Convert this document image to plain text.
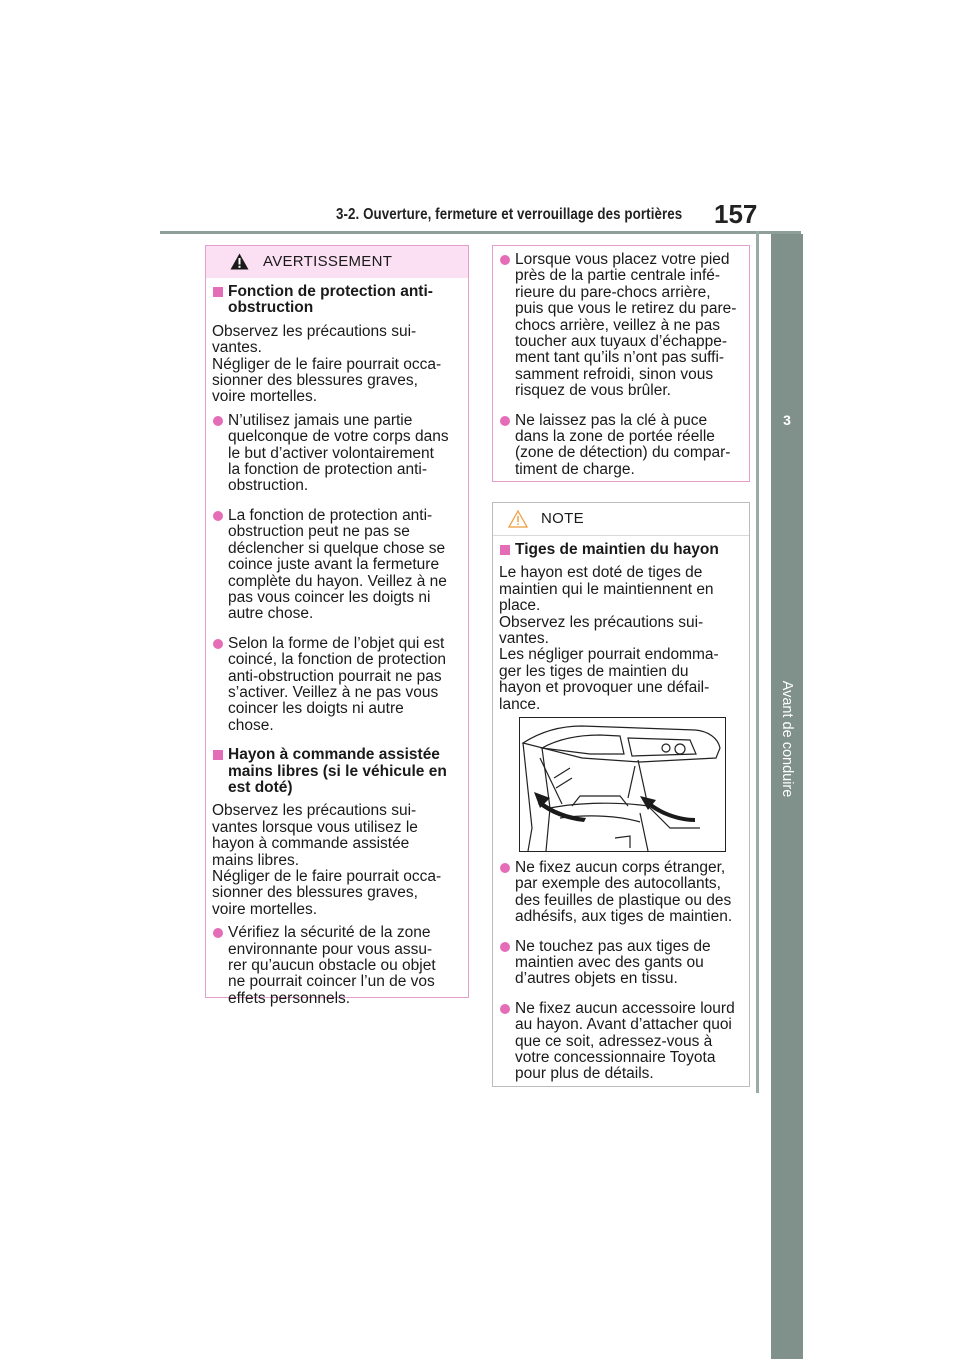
3-2. Ouverture, fermeture et verrouillage des portières 157
3
Avant de conduire
AVERTISSEMENT

Fonction de protection anti-
obstruction

Observez les précautions sui-
vantes.

Négliger de le faire pourrait occa-
sionner des blessures graves,
voire mortelles.

N’utilisez jamais une partie
quelconque de votre corps dans
le but d’activer volontairement
la fonction de protection anti-
obstruction.

La fonction de protection anti-
obstruction peut ne pas se
déclencher si quelque chose se
coince juste avant la fermeture
complète du hayon. Veillez à ne
pas vous coincer les doigts ni
autre chose.

Selon la forme de l’objet qui est
coincé, la fonction de protection
anti-obstruction pourrait ne pas
s’activer. Veillez à ne pas vous
coincer les doigts ni autre
chose.

Hayon à commande assistée
mains libres (si le véhicule en
est doté)

Observez les précautions sui-
vantes lorsque vous utilisez le
hayon à commande assistée
mains libres.

Négliger de le faire pourrait occa-
sionner des blessures graves,
voire mortelles.

Vérifiez la sécurité de la zone
environnante pour vous assu-
rer qu’aucun obstacle ou objet
ne pourrait coincer l’un de vos
effets personnels.

Lorsque vous placez votre pied
près de la partie centrale infé-
rieure du pare-chocs arrière,
puis que vous le retirez du pare-
chocs arrière, veillez à ne pas
toucher aux tuyaux d’échappe-
ment tant qu’ils n’ont pas suffi-
samment refroidi, sinon vous
risquez de vous brûler.

Ne laissez pas la clé à puce
dans la zone de portée réelle
(zone de détection) du compar-
timent de charge.

NOTE

Tiges de maintien du hayon

Le hayon est doté de tiges de
maintien qui le maintiennent en
place.

Observez les précautions sui-
vantes.

Les négliger pourrait endomma-
ger les tiges de maintien du
hayon et provoquer une défail-
lance.

Ne fixez aucun corps étranger,
par exemple des autocollants,
des feuilles de plastique ou des
adhésifs, aux tiges de maintien.

Ne touchez pas aux tiges de
maintien avec des gants ou
d’autres objets en tissu.

Ne fixez aucun accessoire lourd
au hayon. Avant d’attacher quoi
que ce soit, adressez-vous à
votre concessionnaire Toyota
pour plus de détails.
